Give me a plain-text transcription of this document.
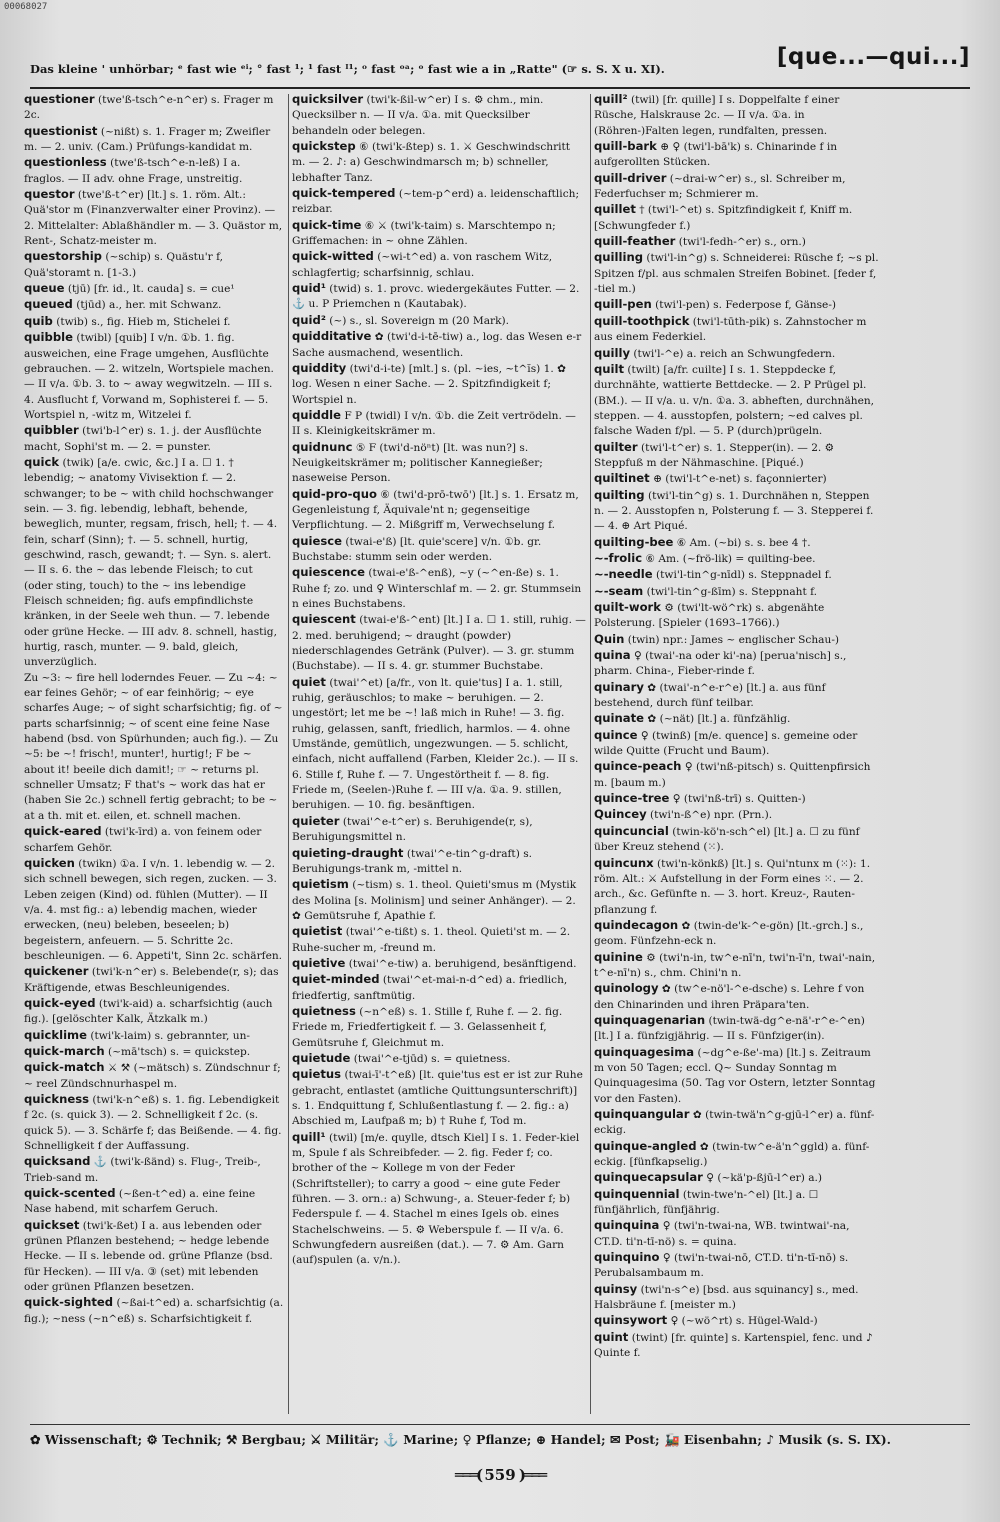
00068027
Das kleine ' unhörbar; ᵉ fast wie ᵉⁱ; ° fast ¹; ¹ fast ᴵ¹; ᵒ fast ᵒᵃ; ᵒ fast wie a in „Ratte" (☞ s. S. X u. XI).	[que...—qui...]

questioner (twe'ß-tsch^e-n^er) s. Frager m 2c.

questionist (~nißt) s. 1. Frager m; Zweifler m. — 2. univ. (Cam.) Prüfungs-kandidat m.

questionless (twe'ß-tsch^e-n-leß) I a. fraglos. — II adv. ohne Frage, unstreitig.

questor (twe'ß-t^er) [lt.] s. 1. röm. Alt.: Quä'stor m (Finanzverwalter einer Provinz). — 2. Mittelalter: Ablaßhändler m. — 3. Quästor m, Rent-, Schatz-meister m.

questorship (~schip) s. Quästu'r f, Quä'storamt n. [1-3.)

queue (tjū) [fr. id., lt. cauda] s. = cue¹

queued (tjūd) a., her. mit Schwanz.

quib (twib) s., fig. Hieb m, Stichelei f.

quibble (twibl) [quib] I v/n. ①b. 1. fig. ausweichen, eine Frage umgehen, Ausflüchte gebrauchen. — 2. witzeln, Wortspiele machen. — II v/a. ①b. 3. to ~ away wegwitzeln. — III s. 4. Ausflucht f, Vorwand m, Sophisterei f. — 5. Wortspiel n, -witz m, Witzelei f.

quibbler (twi'b-l^er) s. 1. j. der Ausflüchte macht, Sophi'st m. — 2. = punster.

quick (twik) [a/e. cwic, &c.] I a. ☐ 1. † lebendig; ~ anatomy Vivisektion f. — 2. schwanger; to be ~ with child hochschwanger sein. — 3. fig. lebendig, lebhaft, behende, beweglich, munter, regsam, frisch, hell; †. — 4. fein, scharf (Sinn); †. — 5. schnell, hurtig, geschwind, rasch, gewandt; †. — Syn. s. alert. — II s. 6. the ~ das lebende Fleisch; to cut (oder sting, touch) to the ~ ins lebendige Fleisch schneiden; fig. aufs empfindlichste kränken, in der Seele weh thun. — 7. lebende oder grüne Hecke. — III adv. 8. schnell, hastig, hurtig, rasch, munter. — 9. bald, gleich, unverzüglich.

Zu ~3: ~ fire hell loderndes Feuer. — Zu ~4: ~ ear feines Gehör; ~ of ear feinhörig; ~ eye scharfes Auge; ~ of sight scharfsichtig; fig. of ~ parts scharfsinnig; ~ of scent eine feine Nase habend (bsd. von Spürhunden; auch fig.). — Zu ~5: be ~! frisch!, munter!, hurtig!; F be ~ about it! beeile dich damit!; ☞ ~ returns pl. schneller Umsatz; F that's ~ work das hat er (haben Sie 2c.) schnell fertig gebracht; to be ~ at a th. mit et. eilen, et. schnell machen.

quick-eared (twi'k-īrd) a. von feinem oder scharfem Gehör.

quicken (twikn) ①a. I v/n. 1. lebendig w. — 2. sich schnell bewegen, sich regen, zucken. — 3. Leben zeigen (Kind) od. fühlen (Mutter). — II v/a. 4. mst fig.: a) lebendig machen, wieder erwecken, (neu) beleben, beseelen; b) begeistern, anfeuern. — 5. Schritte 2c. beschleunigen. — 6. Appeti't, Sinn 2c. schärfen.

quickener (twi'k-n^er) s. Belebende(r, s); das Kräftigende, etwas Beschleunigendes.

quick-eyed (twi'k-aid) a. scharfsichtig (auch fig.). [gelöschter Kalk, Ätzkalk m.)

quicklime (twi'k-laim) s. gebrannter, un-

quick-march (~mā'tsch) s. = quickstep.

quick-match ⚔ ⚒ (~mätsch) s. Zündschnur f; ~ reel Zündschnurhaspel m.

quickness (twi'k-n^eß) s. 1. fig. Lebendigkeit f 2c. (s. quick 3). — 2. Schnelligkeit f 2c. (s. quick 5). — 3. Schärfe f; das Beißende. — 4. fig. Schnelligkeit f der Auffassung.

quicksand ⚓ (twi'k-ßänd) s. Flug-, Treib-, Trieb-sand m.

quick-scented (~ßen-t^ed) a. eine feine Nase habend, mit scharfem Geruch.

quickset (twi'k-ßet) I a. aus lebenden oder grünen Pflanzen bestehend; ~ hedge lebende Hecke. — II s. lebende od. grüne Pflanze (bsd. für Hecken). — III v/a. ③ (set) mit lebenden oder grünen Pflanzen besetzen.

quick-sighted (~ßai-t^ed) a. scharfsichtig (a. fig.); ~ness (~n^eß) s. Scharfsichtigkeit f.

quicksilver (twi'k-ßil-w^er) I s. ⚙ chm., min. Quecksilber n. — II v/a. ①a. mit Quecksilber behandeln oder belegen.

quickstep ⑥ (twi'k-ßtep) s. 1. ⚔ Geschwindschritt m. — 2. ♪: a) Geschwindmarsch m; b) schneller, lebhafter Tanz.

quick-tempered (~tem-p^erd) a. leidenschaftlich; reizbar.

quick-time ⑥ ⚔ (twi'k-taim) s. Marschtempo n; Griffemachen: in ~ ohne Zählen.

quick-witted (~wi-t^ed) a. von raschem Witz, schlagfertig; scharfsinnig, schlau.

quid¹ (twid) s. 1. provc. wiedergekäutes Futter. — 2. ⚓ u. P Priemchen n (Kautabak).

quid² (~) s., sl. Sovereign m (20 Mark).

quidditative ✿ (twi'd-i-tē-tiw) a., log. das Wesen e-r Sache ausmachend, wesentlich.

quiddity (twi'd-i-te) [mlt.] s. (pl. ~ies, ~t^ĭs) 1. ✿ log. Wesen n einer Sache. — 2. Spitzfindigkeit f; Wortspiel n.

quiddle F P (twidl) I v/n. ①b. die Zeit vertrödeln. — II s. Kleinigkeitskrämer m.

quidnunc ⑤ F (twi'd-nöⁿt) [lt. was nun?] s. Neuigkeitskrämer m; politischer Kannegießer; naseweise Person.

quid-pro-quo ⑥ (twi'd-prō-twō') [lt.] s. 1. Ersatz m, Gegenleistung f, Äquivale'nt n; gegenseitige Verpflichtung. — 2. Mißgriff m, Verwechselung f.

quiesce (twai-e'ß) [lt. quie'scere] v/n. ①b. gr. Buchstabe: stumm sein oder werden.

quiescence (twai-e'ß-^enß), ~y (~^en-ße) s. 1. Ruhe f; zo. und ♀ Winterschlaf m. — 2. gr. Stummsein n eines Buchstabens.

quiescent (twai-e'ß-^ent) [lt.] I a. ☐ 1. still, ruhig. — 2. med. beruhigend; ~ draught (powder) niederschlagendes Getränk (Pulver). — 3. gr. stumm (Buchstabe). — II s. 4. gr. stummer Buchstabe.

quiet (twai'^et) [a/fr., von lt. quie'tus] I a. 1. still, ruhig, geräuschlos; to make ~ beruhigen. — 2. ungestört; let me be ~! laß mich in Ruhe! — 3. fig. ruhig, gelassen, sanft, friedlich, harmlos. — 4. ohne Umstände, gemütlich, ungezwungen. — 5. schlicht, einfach, nicht auffallend (Farben, Kleider 2c.). — II s. 6. Stille f, Ruhe f. — 7. Ungestörtheit f. — 8. fig. Friede m, (Seelen-)Ruhe f. — III v/a. ①a. 9. stillen, beruhigen. — 10. fig. besänftigen.

quieter (twai'^e-t^er) s. Beruhigende(r, s), Beruhigungsmittel n.

quieting-draught (twai'^e-tin^g-draft) s. Beruhigungs-trank m, -mittel n.

quietism (~tism) s. 1. theol. Quieti'smus m (Mystik des Molina [s. Molinism] und seiner Anhänger). — 2. ✿ Gemütsruhe f, Apathie f.

quietist (twai'^e-tißt) s. 1. theol. Quieti'st m. — 2. Ruhe-sucher m, -freund m.

quietive (twai'^e-tiw) a. beruhigend, besänftigend.

quiet-minded (twai'^et-mai-n-d^ed) a. friedlich, friedfertig, sanftmütig.

quietness (~n^eß) s. 1. Stille f, Ruhe f. — 2. fig. Friede m, Friedfertigkeit f. — 3. Gelassenheit f, Gemütsruhe f, Gleichmut m.

quietude (twai'^e-tjūd) s. = quietness.

quietus (twai-ī'-t^eß) [lt. quie'tus est er ist zur Ruhe gebracht, entlastet (amtliche Quittungsunterschrift)] s. 1. Endquittung f, Schlußentlastung f. — 2. fig.: a) Abschied m, Laufpaß m; b) † Ruhe f, Tod m.

quill¹ (twil) [m/e. quylle, dtsch Kiel] I s. 1. Feder-kiel m, Spule f als Schreibfeder. — 2. fig. Feder f; co. brother of the ~ Kollege m von der Feder (Schriftsteller); to carry a good ~ eine gute Feder führen. — 3. orn.: a) Schwung-, a. Steuer-feder f; b) Federspule f. — 4. Stachel m eines Igels ob. eines Stachelschweins. — 5. ⚙ Weberspule f. — II v/a. 6. Schwungfedern ausreißen (dat.). — 7. ⚙ Am. Garn (auf)spulen (a. v/n.).

quill² (twil) [fr. quille] I s. Doppelfalte f einer Rüsche, Halskrause 2c. — II v/a. ①a. in (Röhren-)Falten legen, rundfalten, pressen.

quill-bark ⊕ ♀ (twi'l-bā'k) s. Chinarinde f in aufgerollten Stücken.

quill-driver (~drai-w^er) s., sl. Schreiber m, Federfuchser m; Schmierer m.

quillet † (twi'l-^et) s. Spitzfindigkeit f, Kniff m. [Schwungfeder f.)

quill-feather (twi'l-fedh-^er) s., orn.)

quilling (twi'l-in^g) s. Schneiderei: Rüsche f; ~s pl. Spitzen f/pl. aus schmalen Streifen Bobinet. [feder f, -tiel m.)

quill-pen (twi'l-pen) s. Federpose f, Gänse-)

quill-toothpick (twi'l-tūth-pik) s. Zahnstocher m aus einem Federkiel.

quilly (twi'l-^e) a. reich an Schwungfedern.

quilt (twilt) [a/fr. cuilte] I s. 1. Steppdecke f, durchnähte, wattierte Bettdecke. — 2. P Prügel pl. (BM.). — II v/a. u. v/n. ①a. 3. abheften, durchnähen, steppen. — 4. ausstopfen, polstern; ~ed calves pl. falsche Waden f/pl. — 5. P (durch)prügeln.

quilter (twi'l-t^er) s. 1. Stepper(in). — 2. ⚙ Steppfuß m der Nähmaschine. [Piqué.)

quiltinet ⊕ (twi'l-t^e-net) s. façonnierter)

quilting (twi'l-tin^g) s. 1. Durchnähen n, Steppen n. — 2. Ausstopfen n, Polsterung f. — 3. Stepperei f. — 4. ⊕ Art Piqué.

quilting-bee ⑥ Am. (~bi) s. s. bee 4 †.

~-frolic ⑥ Am. (~frö-lik) = quilting-bee.

~-needle (twi'l-tin^g-nīdl) s. Steppnadel f.

~-seam (twi'l-tin^g-ßīm) s. Steppnaht f.

quilt-work ⚙ (twi'lt-wö^rk) s. abgenähte Polsterung. [Spieler (1693–1766).)

Quin (twin) npr.: James ~ englischer Schau-)

quina ♀ (twai'-na oder ki'-na) [perua'nisch] s., pharm. China-, Fieber-rinde f.

quinary ✿ (twai'-n^e-r^e) [lt.] a. aus fünf bestehend, durch fünf teilbar.

quinate ✿ (~nät) [lt.] a. fünfzählig.

quince ♀ (twinß) [m/e. quence] s. gemeine oder wilde Quitte (Frucht und Baum).

quince-peach ♀ (twi'nß-pitsch) s. Quittenpfirsich m. [baum m.)

quince-tree ♀ (twi'nß-trī) s. Quitten-)

Quincey (twi'n-ß^e) npr. (Prn.).

quincuncial (twin-kö'n-sch^el) [lt.] a. ☐ zu fünf über Kreuz stehend (⁙).

quincunx (twi'n-könkß) [lt.] s. Qui'ntunx m (⁙): 1. röm. Alt.: ⚔ Aufstellung in der Form eines ⁙. — 2. arch., &c. Gefünfte n. — 3. hort. Kreuz-, Rauten-pflanzung f.

quindecagon ✿ (twin-de'k-^e-gön) [lt.-grch.] s., geom. Fünfzehn-eck n.

quinine ⚙ (twi'n-in, tw^e-nī'n, twi'n-ī'n, twai'-nain, t^e-nī'n) s., chm. Chini'n n.

quinology ✿ (tw^e-nö'l-^e-dsche) s. Lehre f von den Chinarinden und ihren Präpara'ten.

quinquagenarian (twin-twä-dg^e-nä'-r^e-^en) [lt.] I a. fünfzigjährig. — II s. Fünfziger(in).

quinquagesima (~dg^e-ße'-ma) [lt.] s. Zeitraum m von 50 Tagen; eccl. Q~ Sunday Sonntag m Quinquagesima (50. Tag vor Ostern, letzter Sonntag vor den Fasten).

quinquangular ✿ (twin-twä'n^g-gjū-l^er) a. fünf-eckig.

quinque-angled ✿ (twin-tw^e-ä'n^ggld) a. fünf-eckig. [fünfkapselig.)

quinquecapsular ♀ (~kä'p-ßjū-l^er) a.)

quinquennial (twin-twe'n-^el) [lt.] a. ☐ fünfjährlich, fünfjährig.

quinquina ♀ (twi'n-twai-na, WB. twintwai'-na, CT.D. ti'n-tī-nö) s. = quina.

quinquino ♀ (twi'n-twai-nō, CT.D. ti'n-tī-nō) s. Perubalsambaum m.

quinsy (twi'n-s^e) [bsd. aus squinancy] s., med. Halsbräune f. [meister m.)

quinsywort ♀ (~wö^rt) s. Hügel-Wald-)

quint (twint) [fr. quinte] s. Kartenspiel, fenc. und ♪ Quinte f.

✿ Wissenschaft; ⚙ Technik; ⚒ Bergbau; ⚔ Militär; ⚓ Marine; ♀ Pflanze; ⊕ Handel; ✉ Post; 🚂 Eisenbahn; ♪ Musik (s. S. IX).
═══( 559 )═══
